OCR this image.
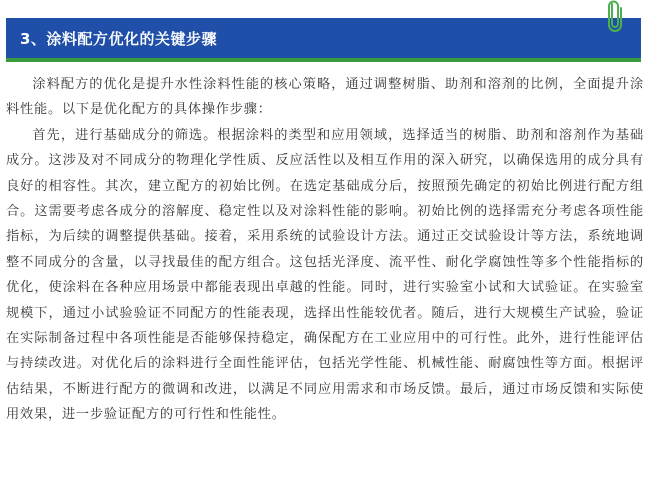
3、涂料配方优化的关键步骤

涂料配方的优化是提升水性涂料性能的核心策略，通过调整树脂、助剂和溶剂的比例，全面提升涂料性能。以下是优化配方的具体操作步骤：

首先，进行基础成分的筛选。根据涂料的类型和应用领域，选择适当的树脂、助剂和溶剂作为基础成分。这涉及对不同成分的物理化学性质、反应活性以及相互作用的深入研究，以确保选用的成分具有良好的相容性。其次，建立配方的初始比例。在选定基础成分后，按照预先确定的初始比例进行配方组合。这需要考虑各成分的溶解度、稳定性以及对涂料性能的影响。初始比例的选择需充分考虑各项性能指标，为后续的调整提供基础。接着，采用系统的试验设计方法。通过正交试验设计等方法，系统地调整不同成分的含量，以寻找最佳的配方组合。这包括光泽度、流平性、耐化学腐蚀性等多个性能指标的优化，使涂料在各种应用场景中都能表现出卓越的性能。同时，进行实验室小试和大试验证。在实验室规模下，通过小试验验证不同配方的性能表现，选择出性能较优者。随后，进行大规模生产试验，验证在实际制备过程中各项性能是否能够保持稳定，确保配方在工业应用中的可行性。此外，进行性能评估与持续改进。对优化后的涂料进行全面性能评估，包括光学性能、机械性能、耐腐蚀性等方面。根据评估结果，不断进行配方的微调和改进，以满足不同应用需求和市场反馈。最后，通过市场反馈和实际使用效果，进一步验证配方的可行性和性能性。
